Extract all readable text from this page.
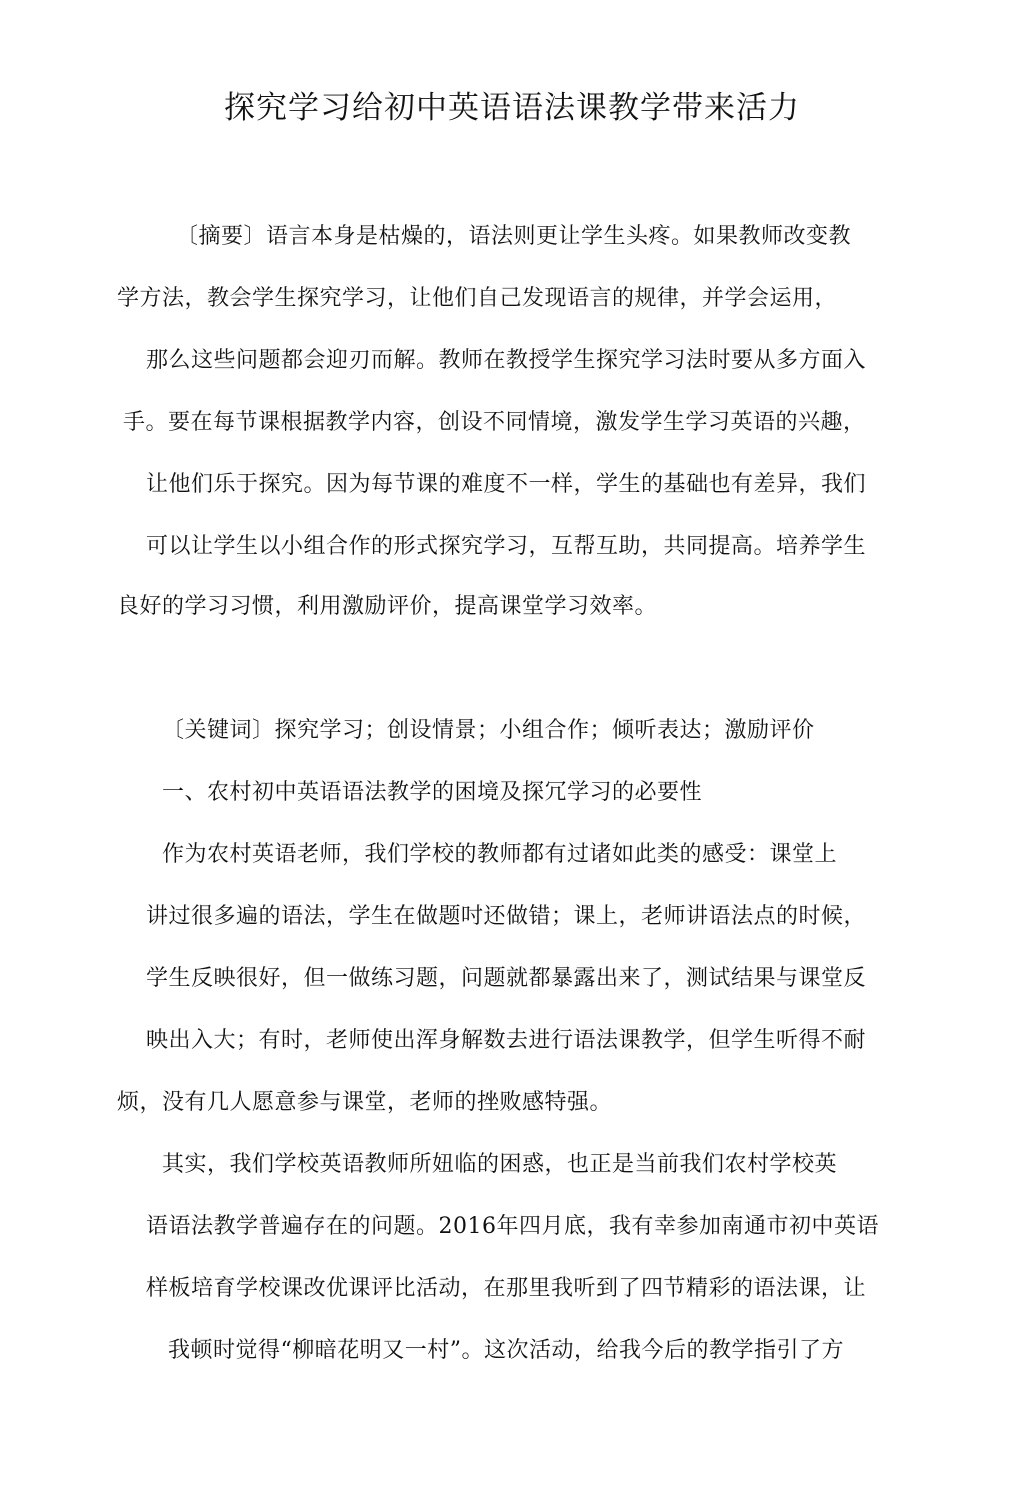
探究学习给初中英语语法课教学带来活力
〔摘要〕语言本身是枯燥的，语法则更让学生头疼。如果教师改变教
学方法，教会学生探究学习，让他们自己发现语言的规律，并学会运用，
那么这些问题都会迎刃而解。教师在教授学生探究学习法时要从多方面入
手。要在每节课根据教学内容，创设不同情境，激发学生学习英语的兴趣，
让他们乐于探究。因为每节课的难度不一样，学生的基础也有差异，我们
可以让学生以小组合作的形式探究学习，互帮互助，共同提高。培养学生
良好的学习习惯，利用激励评价，提高课堂学习效率。
〔关键词〕探究学习；创设情景；小组合作；倾听表达；激励评价
一、农村初中英语语法教学的困境及探冗学习的必要性
作为农村英语老师，我们学校的教师都有过诸如此类的感受：课堂上
讲过很多遍的语法，学生在做题吋还做错；课上，老师讲语法点的时候，
学生反映很好，但一做练习题，问题就都暴露出来了，测试结果与课堂反
映出入大；有时，老师使出浑身解数去进行语法课教学，但学生听得不耐
烦，没有几人愿意参与课堂，老师的挫败感特强。
其实，我们学校英语教师所妞临的困惑，也正是当前我们农村学校英
语语法教学普遍存在的问题。2016年四月底，我有幸参加南通市初中英语
样板培育学校课改优课评比活动，在那里我听到了四节精彩的语法课，让
我顿时觉得“柳暗花明又一村”。这次活动，给我今后的教学指引了方
